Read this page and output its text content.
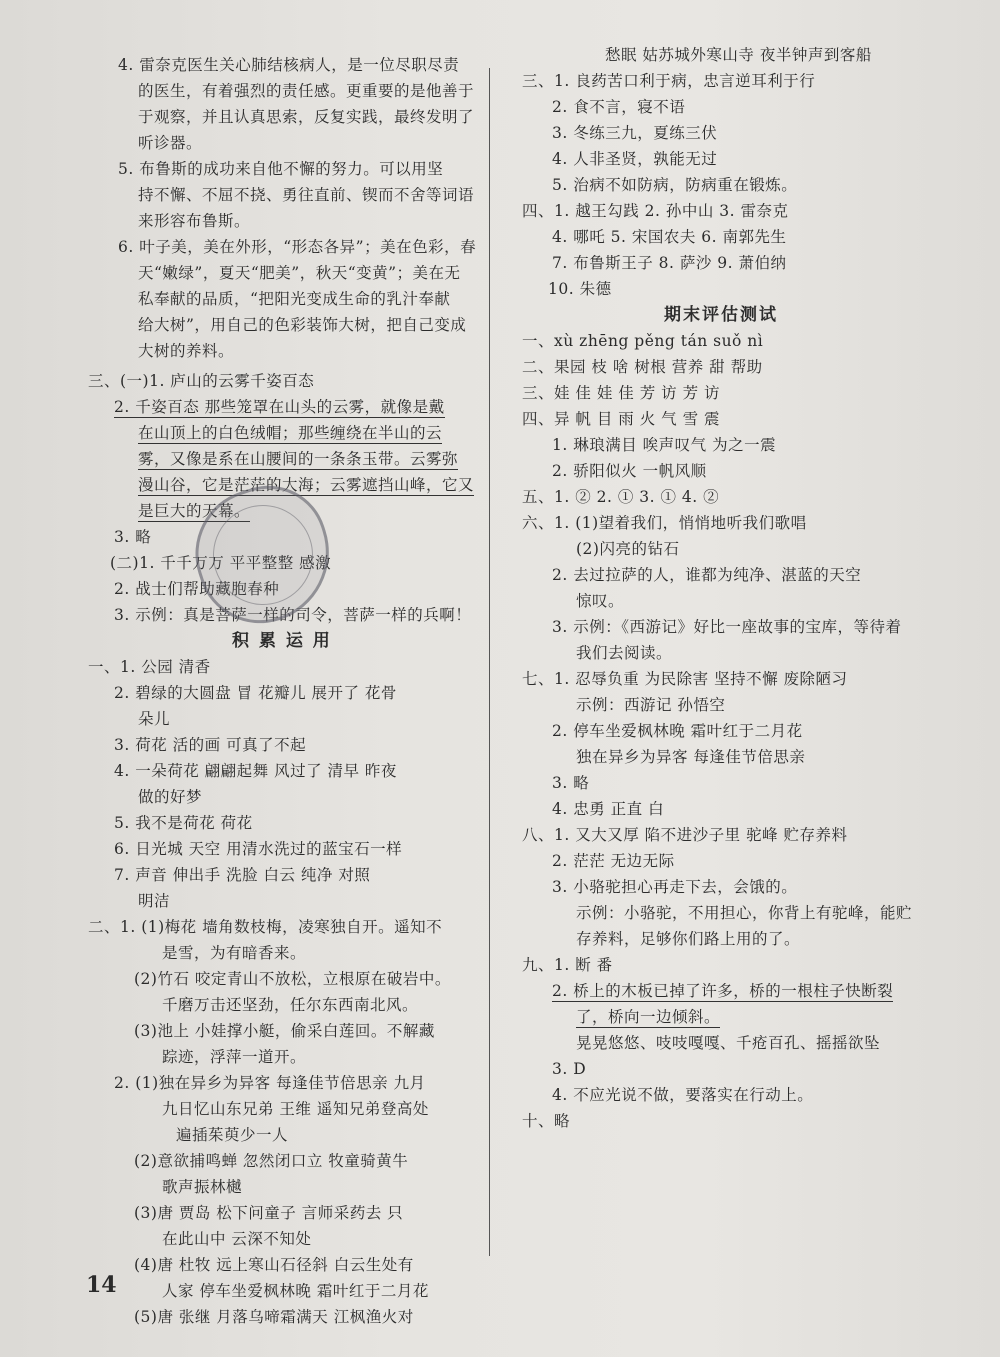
4. 雷奈克医生关心肺结核病人，是一位尽职尽责
的医生，有着强烈的责任感。更重要的是他善于
于观察，并且认真思索，反复实践，最终发明了
听诊器。
5. 布鲁斯的成功来自他不懈的努力。可以用坚
持不懈、不屈不挠、勇往直前、锲而不舍等词语
来形容布鲁斯。
6. 叶子美，美在外形，“形态各异”；美在色彩，春
天“嫩绿”，夏天“肥美”，秋天“变黄”；美在无
私奉献的品质，“把阳光变成生命的乳汁奉献
给大树”，用自己的色彩装饰大树，把自己变成
大树的养料。
三、(一)1. 庐山的云雾千姿百态
2. 千姿百态 那些笼罩在山头的云雾，就像是戴
在山顶上的白色绒帽；那些缠绕在半山的云
雾，又像是系在山腰间的一条条玉带。云雾弥
漫山谷，它是茫茫的大海；云雾遮挡山峰，它又
是巨大的天幕。
3. 略
(二)1. 千千万万 平平整整 感激
2. 战士们帮助藏胞春种
3. 示例：真是菩萨一样的司令，菩萨一样的兵啊！
积 累 运 用
一、1. 公园 清香
2. 碧绿的大圆盘 冒 花瓣儿 展开了 花骨
朵儿
3. 荷花 活的画 可真了不起
4. 一朵荷花 翩翩起舞 风过了 清早 昨夜
做的好梦
5. 我不是荷花 荷花
6. 日光城 天空 用清水洗过的蓝宝石一样
7. 声音 伸出手 洗脸 白云 纯净 对照
明洁
二、1. (1)梅花 墙角数枝梅，凌寒独自开。遥知不
是雪，为有暗香来。
(2)竹石 咬定青山不放松，立根原在破岩中。
千磨万击还坚劲，任尔东西南北风。
(3)池上 小娃撑小艇，偷采白莲回。不解藏
踪迹，浮萍一道开。
2. (1)独在异乡为异客 每逢佳节倍思亲 九月
九日忆山东兄弟 王维 遥知兄弟登高处
遍插茱萸少一人
(2)意欲捕鸣蝉 忽然闭口立 牧童骑黄牛
歌声振林樾
(3)唐 贾岛 松下问童子 言师采药去 只
在此山中 云深不知处
(4)唐 杜牧 远上寒山石径斜 白云生处有
人家 停车坐爱枫林晚 霜叶红于二月花
(5)唐 张继 月落乌啼霜满天 江枫渔火对
愁眠 姑苏城外寒山寺 夜半钟声到客船
三、1. 良药苦口利于病，忠言逆耳利于行
2. 食不言，寝不语
3. 冬练三九，夏练三伏
4. 人非圣贤，孰能无过
5. 治病不如防病，防病重在锻炼。
四、1. 越王勾践 2. 孙中山 3. 雷奈克
4. 哪吒 5. 宋国农夫 6. 南郭先生
7. 布鲁斯王子 8. 萨沙 9. 萧伯纳
10. 朱德
期末评估测试
一、xù zhēng pěng tán suǒ nì
二、果园 枝 啥 树根 营养 甜 帮助
三、娃 佳 娃 佳 芳 访 芳 访
四、异 帆 目 雨 火 气 雪 震
1. 琳琅满目 唉声叹气 为之一震
2. 骄阳似火 一帆风顺
五、1. ② 2. ① 3. ① 4. ②
六、1. (1)望着我们，悄悄地听我们歌唱
(2)闪亮的钻石
2. 去过拉萨的人，谁都为纯净、湛蓝的天空
惊叹。
3. 示例：《西游记》好比一座故事的宝库，等待着
我们去阅读。
七、1. 忍辱负重 为民除害 坚持不懈 废除陋习
示例：西游记 孙悟空
2. 停车坐爱枫林晚 霜叶红于二月花
独在异乡为异客 每逢佳节倍思亲
3. 略
4. 忠勇 正直 白
八、1. 又大又厚 陷不进沙子里 驼峰 贮存养料
2. 茫茫 无边无际
3. 小骆驼担心再走下去，会饿的。
示例：小骆驼，不用担心，你背上有驼峰，能贮
存养料，足够你们路上用的了。
九、1. 断 番
2. 桥上的木板已掉了许多，桥的一根柱子快断裂
了，桥向一边倾斜。
晃晃悠悠、吱吱嘎嘎、千疮百孔、摇摇欲坠
3. D
4. 不应光说不做，要落实在行动上。
十、略
14
